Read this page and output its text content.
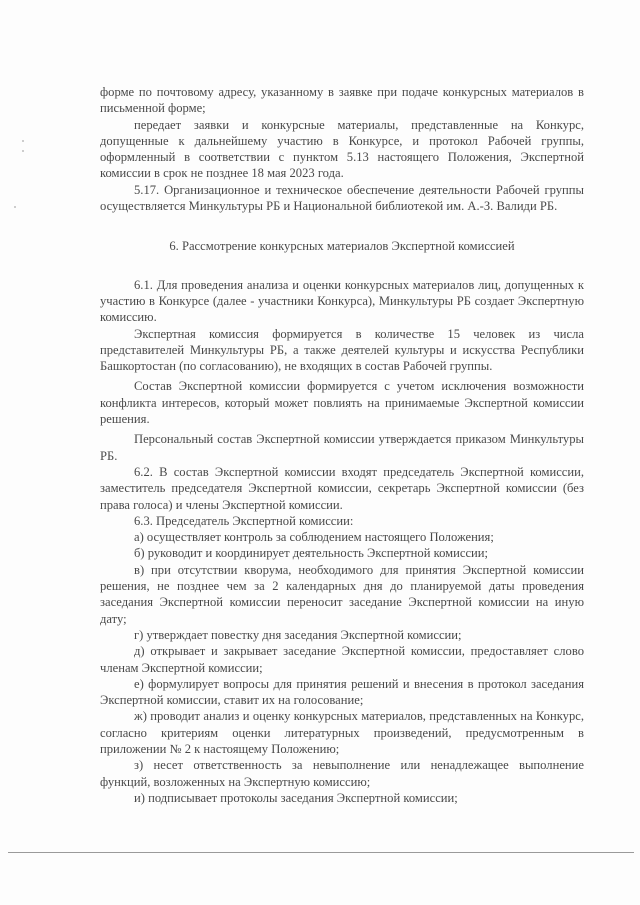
форме по почтовому адресу, указанному в заявке при подаче конкурсных материалов в письменной форме;

передает заявки и конкурсные материалы, представленные на Конкурс, допущенные к дальнейшему участию в Конкурсе, и протокол Рабочей группы, оформленный в соответствии с пунктом 5.13 настоящего Положения, Экспертной комиссии в срок не позднее 18 мая 2023 года.

5.17. Организационное и техническое обеспечение деятельности Рабочей группы осуществляется Минкультуры РБ и Национальной библиотекой им. А.-З. Валиди РБ.

6. Рассмотрение конкурсных материалов Экспертной комиссией

6.1. Для проведения анализа и оценки конкурсных материалов лиц, допущенных к участию в Конкурсе (далее - участники Конкурса), Минкультуры РБ создает Экспертную комиссию.

Экспертная комиссия формируется в количестве 15 человек из числа представителей Минкультуры РБ, а также деятелей культуры и искусства Республики Башкортостан (по согласованию), не входящих в состав Рабочей группы.

Состав Экспертной комиссии формируется с учетом исключения возможности конфликта интересов, который может повлиять на принимаемые Экспертной комиссии решения.

Персональный состав Экспертной комиссии утверждается приказом Минкультуры РБ.

6.2. В состав Экспертной комиссии входят председатель Экспертной комиссии, заместитель председателя Экспертной комиссии, секретарь Экспертной комиссии (без права голоса) и члены Экспертной комиссии.

6.3. Председатель Экспертной комиссии:

а) осуществляет контроль за соблюдением настоящего Положения;

б) руководит и координирует деятельность Экспертной комиссии;

в) при отсутствии кворума, необходимого для принятия Экспертной комиссии решения, не позднее чем за 2 календарных дня до планируемой даты проведения заседания Экспертной комиссии переносит заседание Экспертной комиссии на иную дату;

г) утверждает повестку дня заседания Экспертной комиссии;

д) открывает и закрывает заседание Экспертной комиссии, предоставляет слово членам Экспертной комиссии;

е) формулирует вопросы для принятия решений и внесения в протокол заседания Экспертной комиссии, ставит их на голосование;

ж) проводит анализ и оценку конкурсных материалов, представленных на Конкурс, согласно критериям оценки литературных произведений, предусмотренным в приложении № 2 к настоящему Положению;

з) несет ответственность за невыполнение или ненадлежащее выполнение функций, возложенных на Экспертную комиссию;

и) подписывает протоколы заседания Экспертной комиссии;
